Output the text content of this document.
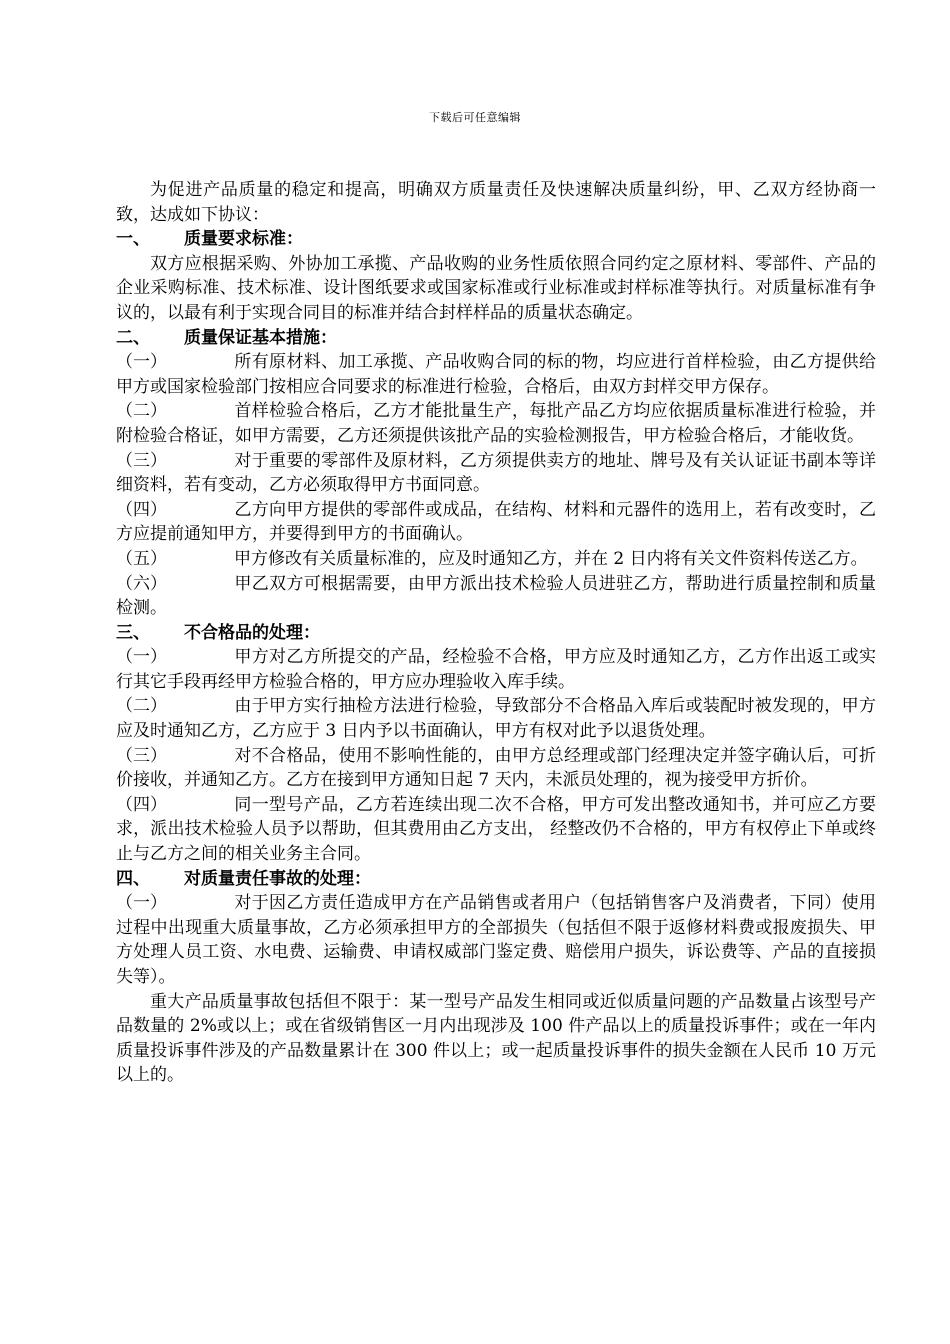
下载后可任意编辑

为促进产品质量的稳定和提高，明确双方质量责任及快速解决质量纠纷，甲、乙双方经协商一致，达成如下协议：

一、	质量要求标准：

双方应根据采购、外协加工承揽、产品收购的业务性质依照合同约定之原材料、零部件、产品的企业采购标准、技术标准、设计图纸要求或国家标准或行业标准或封样标准等执行。对质量标准有争议的，以最有利于实现合同目的标准并结合封样样品的质量状态确定。

二、	质量保证基本措施：

（一）	所有原材料、加工承揽、产品收购合同的标的物，均应进行首样检验，由乙方提供给甲方或国家检验部门按相应合同要求的标准进行检验，合格后，由双方封样交甲方保存。

（二）	首样检验合格后，乙方才能批量生产，每批产品乙方均应依据质量标准进行检验，并附检验合格证，如甲方需要，乙方还须提供该批产品的实验检测报告，甲方检验合格后，才能收货。

（三）	对于重要的零部件及原材料，乙方须提供卖方的地址、牌号及有关认证证书副本等详细资料，若有变动，乙方必须取得甲方书面同意。

（四）	乙方向甲方提供的零部件或成品，在结构、材料和元器件的选用上，若有改变时，乙方应提前通知甲方，并要得到甲方的书面确认。

（五）	甲方修改有关质量标准的，应及时通知乙方，并在 2 日内将有关文件资料传送乙方。

（六）	甲乙双方可根据需要，由甲方派出技术检验人员进驻乙方，帮助进行质量控制和质量检测。

三、	不合格品的处理：

（一）	甲方对乙方所提交的产品，经检验不合格，甲方应及时通知乙方，乙方作出返工或实行其它手段再经甲方检验合格的，甲方应办理验收入库手续。

（二）	由于甲方实行抽检方法进行检验，导致部分不合格品入库后或装配时被发现的，甲方应及时通知乙方，乙方应于 3 日内予以书面确认，甲方有权对此予以退货处理。

（三）	对不合格品，使用不影响性能的，由甲方总经理或部门经理决定并签字确认后，可折价接收，并通知乙方。乙方在接到甲方通知日起 7 天内，未派员处理的，视为接受甲方折价。

（四）	同一型号产品，乙方若连续出现二次不合格，甲方可发出整改通知书，并可应乙方要求，派出技术检验人员予以帮助，但其费用由乙方支出， 经整改仍不合格的，甲方有权停止下单或终止与乙方之间的相关业务主合同。

四、	对质量责任事故的处理：

（一）	对于因乙方责任造成甲方在产品销售或者用户（包括销售客户及消费者，下同）使用过程中出现重大质量事故，乙方必须承担甲方的全部损失（包括但不限于返修材料费或报废损失、甲方处理人员工资、水电费、运输费、申请权威部门鉴定费、赔偿用户损失，诉讼费等、产品的直接损失等）。

重大产品质量事故包括但不限于：某一型号产品发生相同或近似质量问题的产品数量占该型号产品数量的 2%或以上；或在省级销售区一月内出现涉及 100 件产品以上的质量投诉事件；或在一年内质量投诉事件涉及的产品数量累计在 300 件以上；或一起质量投诉事件的损失金额在人民币 10 万元以上的。
